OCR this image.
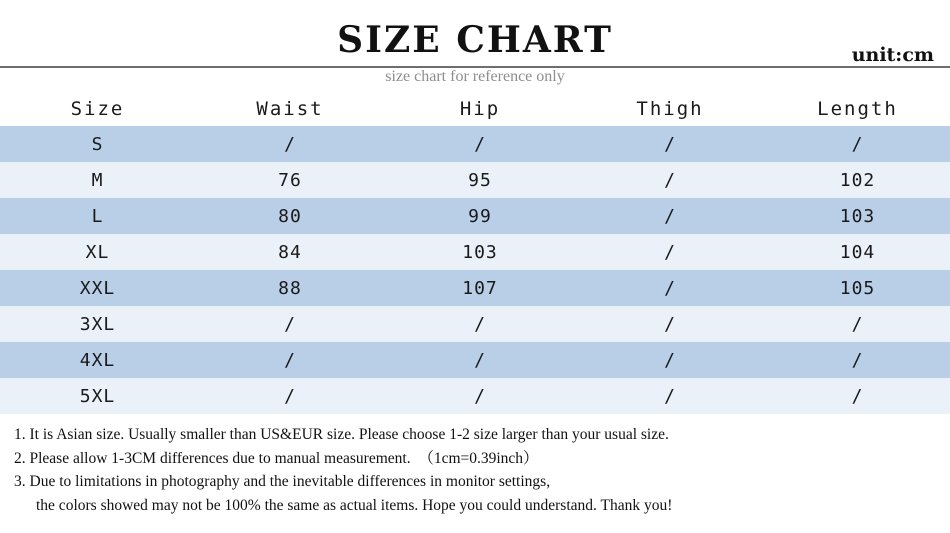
SIZE CHART
size chart for reference only
unit:cm
Size	Waist	Hip	Thigh	Length
S	/	/	/	/
M	76	95	/	102
L	80	99	/	103
XL	84	103	/	104
XXL	88	107	/	105
3XL	/	/	/	/
4XL	/	/	/	/
5XL	/	/	/	/
1. It is Asian size. Usually smaller than US&EUR size. Please choose 1-2 size larger than your usual size.
2. Please allow 1-3CM differences due to manual measurement.　（1cm=0.39inch）
3. Due to limitations in photography and the inevitable differences in monitor settings,
the colors showed may not be 100% the same as actual items. Hope you could understand. Thank you!
